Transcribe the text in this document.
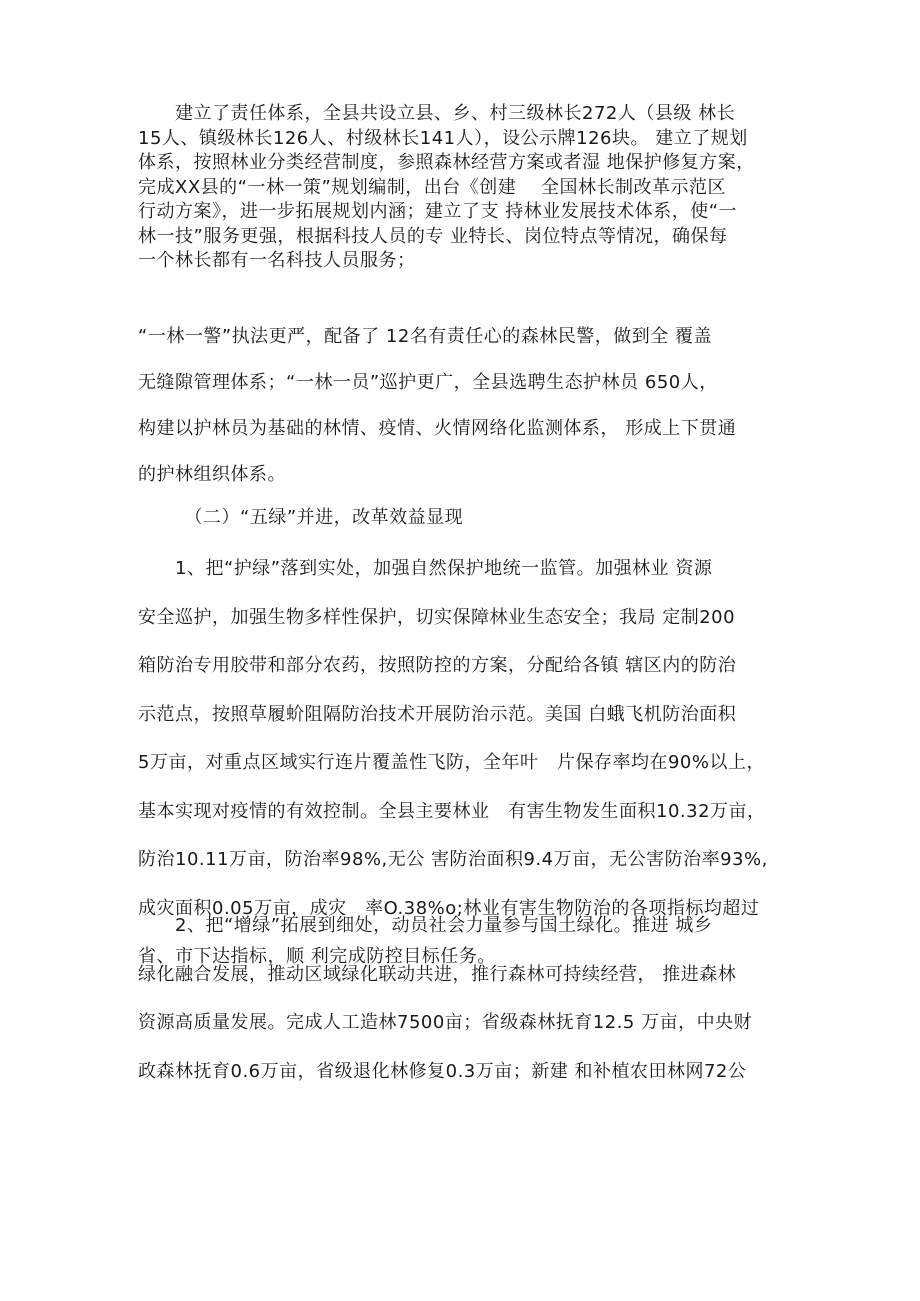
　　建立了责任体系，全县共设立县、乡、村三级林长272人（县级 林长
15人、镇级林长126人、村级林长141人），设公示牌126块。 建立了规划
体系，按照林业分类经营制度，参照森林经营方案或者湿 地保护修复方案，
完成XX县的“一林一策”规划编制，出台《创建　 全国林长制改革示范区
行动方案》，进一步拓展规划内涵；建立了支 持林业发展技术体系，使“一
林一技”服务更强，根据科技人员的专 业特长、岗位特点等情况，确保每
一个林长都有一名科技人员服务；

“一林一警”执法更严，配备了 12名有责任心的森林民警，做到全 覆盖
无缝隙管理体系；“一林一员”巡护更广，全县选聘生态护林员 650人，
构建以护林员为基础的林情、疫情、火情网络化监测体系， 形成上下贯通
的护林组织体系。

　　　（二）“五绿”并进，改革效益显现

　　1、把“护绿”落到实处，加强自然保护地统一监管。加强林业 资源
安全巡护，加强生物多样性保护，切实保障林业生态安全；我局 定制200
箱防治专用胶带和部分农药，按照防控的方案，分配给各镇 辖区内的防治
示范点，按照草履蚧阻隔防治技术开展防治示范。美国 白蛾飞机防治面积
5万亩，对重点区域实行连片覆盖性飞防，全年叶　片保存率均在90%以上，
基本实现对疫情的有效控制。全县主要林业　有害生物发生面积10.32万亩，
防治10.11万亩，防治率98%,无公 害防治面积9.4万亩，无公害防治率93%,
成灾面积0.05万亩，成灾　率O.38%o;林业有害生物防治的各项指标均超过
省、市下达指标，顺 利完成防控目标任务。

　　2、把“增绿”拓展到细处，动员社会力量参与国土绿化。推进 城乡
绿化融合发展，推动区域绿化联动共进，推行森林可持续经营， 推进森林
资源高质量发展。完成人工造林7500亩；省级森林抚育12.5 万亩，中央财
政森林抚育0.6万亩，省级退化林修复0.3万亩；新建 和补植农田林网72公
